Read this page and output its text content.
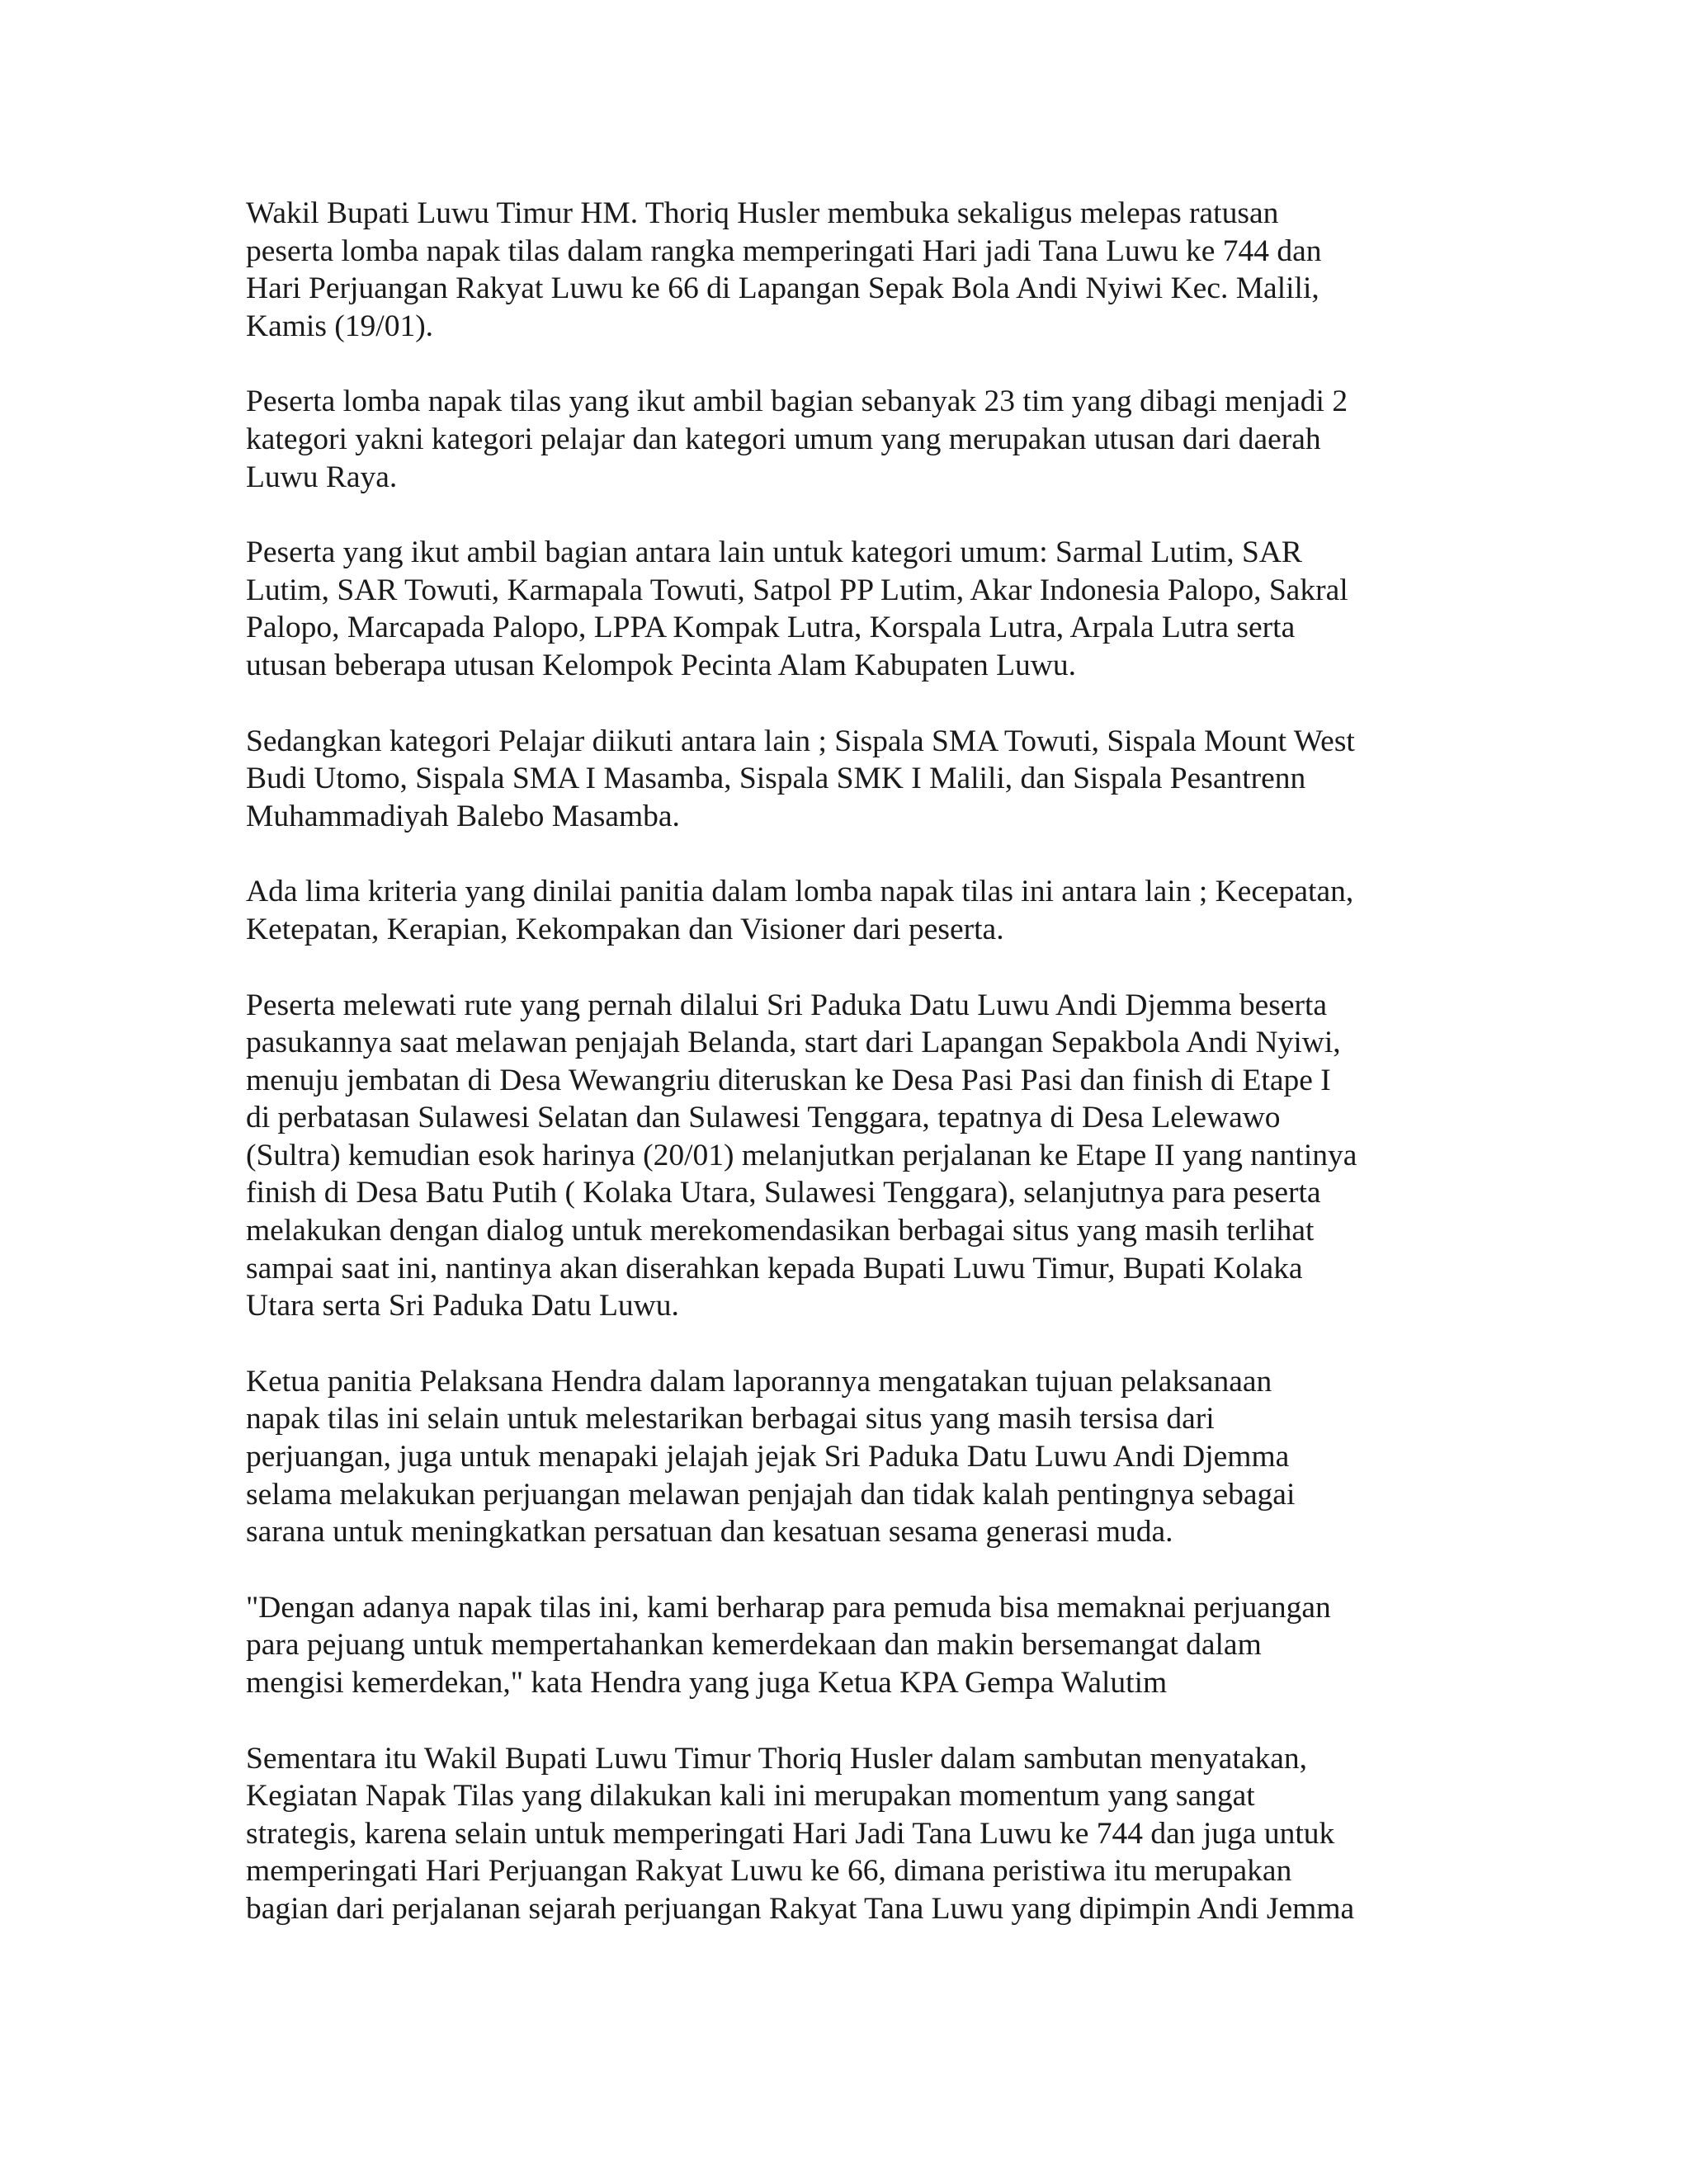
Wakil Bupati Luwu Timur HM. Thoriq Husler membuka sekaligus melepas ratusan
peserta lomba napak tilas dalam rangka memperingati Hari jadi Tana Luwu ke 744 dan
Hari Perjuangan Rakyat Luwu ke 66 di Lapangan Sepak Bola Andi Nyiwi Kec. Malili,
Kamis (19/01).

Peserta lomba napak tilas yang ikut ambil bagian sebanyak 23 tim yang dibagi menjadi 2
kategori yakni kategori pelajar dan kategori umum yang merupakan utusan dari daerah
Luwu Raya.

Peserta yang ikut ambil bagian antara lain untuk kategori umum: Sarmal Lutim, SAR
Lutim, SAR Towuti, Karmapala Towuti, Satpol PP Lutim, Akar Indonesia Palopo, Sakral
Palopo, Marcapada Palopo, LPPA Kompak Lutra, Korspala Lutra, Arpala Lutra serta
utusan beberapa utusan Kelompok Pecinta Alam Kabupaten Luwu.

Sedangkan kategori Pelajar diikuti antara lain ; Sispala SMA Towuti, Sispala Mount West
Budi Utomo, Sispala SMA I Masamba, Sispala SMK I Malili, dan Sispala Pesantrenn
Muhammadiyah Balebo Masamba.

Ada lima kriteria yang dinilai panitia dalam lomba napak tilas ini antara lain ; Kecepatan,
Ketepatan, Kerapian, Kekompakan dan Visioner dari peserta.

Peserta melewati rute yang pernah dilalui Sri Paduka Datu Luwu Andi Djemma beserta
pasukannya saat melawan penjajah Belanda, start dari Lapangan Sepakbola Andi Nyiwi,
menuju jembatan di Desa Wewangriu diteruskan ke Desa Pasi Pasi dan finish di Etape I
di perbatasan Sulawesi Selatan dan Sulawesi Tenggara, tepatnya di Desa Lelewawo
(Sultra) kemudian esok harinya (20/01) melanjutkan perjalanan ke Etape II yang nantinya
finish di Desa Batu Putih ( Kolaka Utara, Sulawesi Tenggara), selanjutnya para peserta
melakukan dengan dialog untuk merekomendasikan berbagai situs yang masih terlihat
sampai saat ini, nantinya akan diserahkan kepada Bupati Luwu Timur, Bupati Kolaka
Utara serta Sri Paduka Datu Luwu.

Ketua panitia Pelaksana Hendra dalam laporannya mengatakan tujuan pelaksanaan
napak tilas ini selain untuk melestarikan berbagai situs yang masih tersisa dari
perjuangan, juga untuk menapaki jelajah jejak Sri Paduka Datu Luwu Andi Djemma
selama melakukan perjuangan melawan penjajah dan tidak kalah pentingnya sebagai
sarana untuk meningkatkan persatuan dan kesatuan sesama generasi muda.

"Dengan adanya napak tilas ini, kami berharap para pemuda bisa memaknai perjuangan
para pejuang untuk mempertahankan kemerdekaan dan makin bersemangat dalam
mengisi kemerdekan," kata Hendra yang juga Ketua KPA Gempa Walutim

Sementara itu Wakil Bupati Luwu Timur Thoriq Husler dalam sambutan menyatakan,
Kegiatan Napak Tilas yang dilakukan kali ini merupakan momentum yang sangat
strategis, karena selain untuk memperingati Hari Jadi Tana Luwu ke 744 dan juga untuk
memperingati Hari Perjuangan Rakyat Luwu ke 66, dimana peristiwa itu merupakan
bagian dari perjalanan sejarah perjuangan Rakyat Tana Luwu yang dipimpin Andi Jemma
